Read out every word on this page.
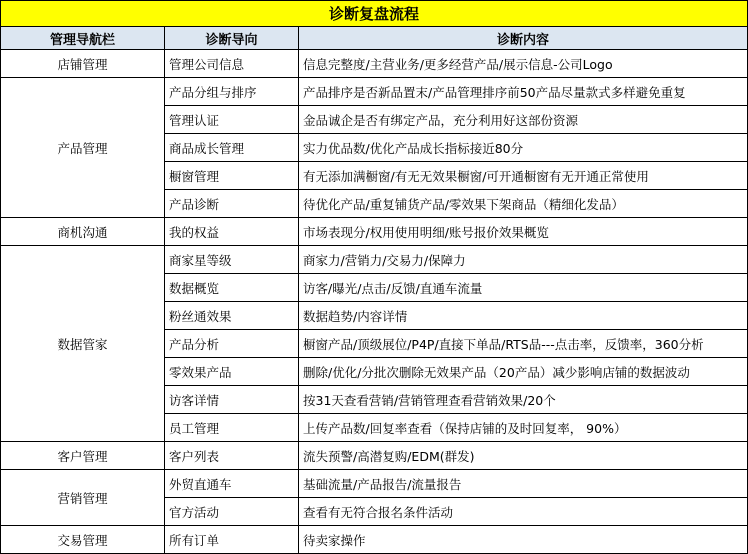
诊断复盘流程		
管理导航栏	诊断导向	诊断内容
店铺管理	管理公司信息	信息完整度/主营业务/更多经营产品/展示信息-公司Logo
产品管理	产品分组与排序	产品排序是否新品置末/产品管理排序前50产品尽量款式多样避免重复
	管理认证	金品诚企是否有绑定产品，充分利用好这部份资源
	商品成长管理	实力优品数/优化产品成长指标接近80分
	橱窗管理	有无添加满橱窗/有无无效果橱窗/可开通橱窗有无开通正常使用
	产品诊断	待优化产品/重复铺货产品/零效果下架商品（精细化发品）
商机沟通	我的权益	市场表现分/权用使用明细/账号报价效果概览
数据管家	商家星等级	商家力/营销力/交易力/保障力
	数据概览	访客/曝光/点击/反馈/直通车流量
	粉丝通效果	数据趋势/内容详情
	产品分析	橱窗产品/顶级展位/P4P/直接下单品/RTS品---点击率，反馈率，360分析
	零效果产品	删除/优化/分批次删除无效果产品（20产品）减少影响店铺的数据波动
	访客详情	按31天查看营销/营销管理查看营销效果/20个
	员工管理	上传产品数/回复率查看（保持店铺的及时回复率， 90%）
客户管理	客户列表	流失预警/高潜复购/EDM(群发)
营销管理	外贸直通车	基础流量/产品报告/流量报告
	官方活动	查看有无符合报名条件活动
交易管理	所有订单	待卖家操作
